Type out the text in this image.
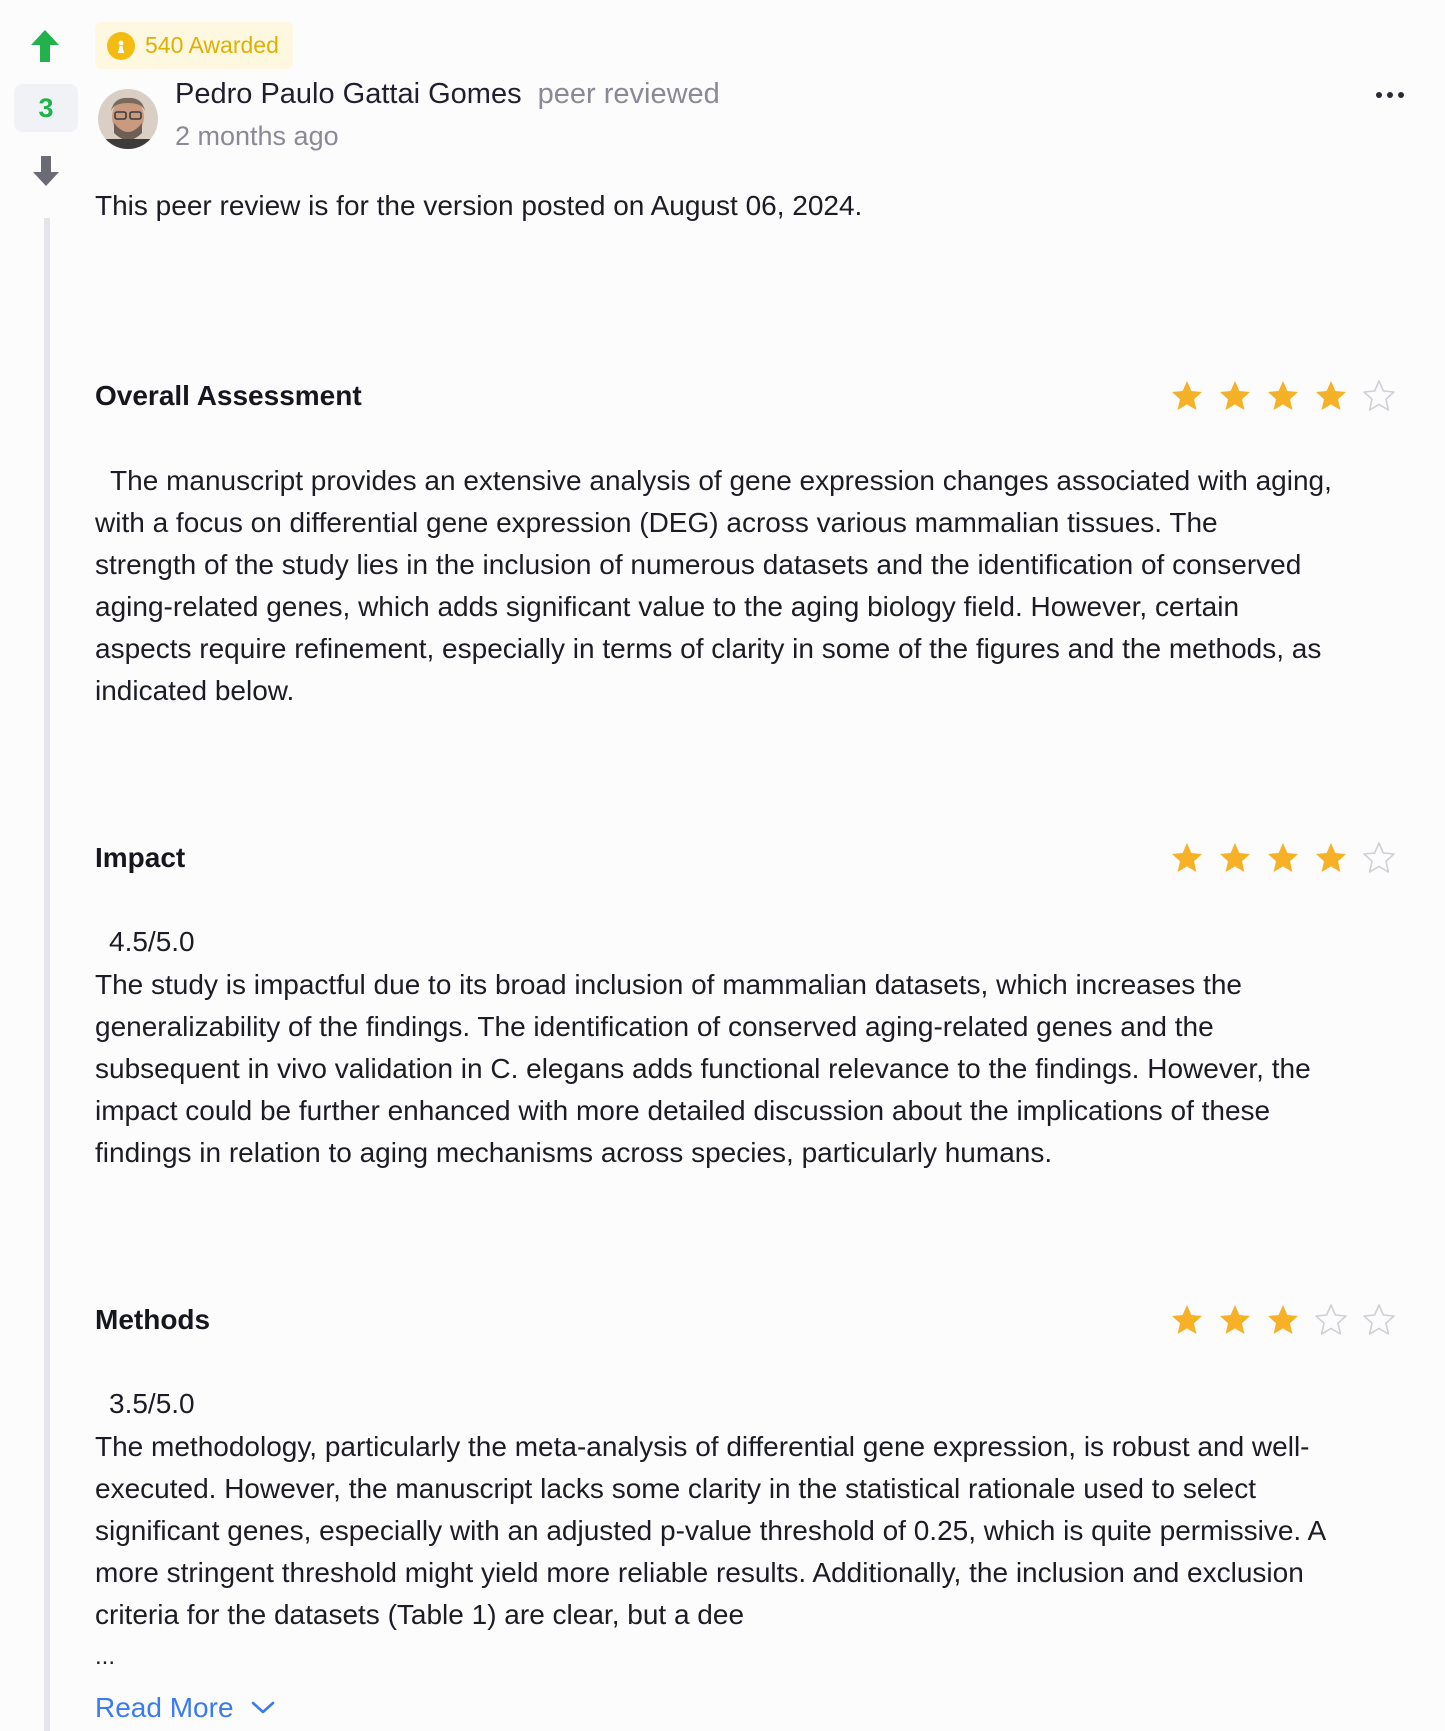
3
540 Awarded
Pedro Paulo Gattai Gomes peer reviewed
2 months ago
This peer review is for the version posted on August 06, 2024.
Overall Assessment

The manuscript provides an extensive analysis of gene expression changes associated with aging,

with a focus on differential gene expression (DEG) across various mammalian tissues. The

strength of the study lies in the inclusion of numerous datasets and the identification of conserved

aging-related genes, which adds significant value to the aging biology field. However, certain

aspects require refinement, especially in terms of clarity in some of the figures and the methods, as

indicated below.

Impact
4.5/5.0

The study is impactful due to its broad inclusion of mammalian datasets, which increases the

generalizability of the findings. The identification of conserved aging-related genes and the

subsequent in vivo validation in C. elegans adds functional relevance to the findings. However, the

impact could be further enhanced with more detailed discussion about the implications of these

findings in relation to aging mechanisms across species, particularly humans.

Methods
3.5/5.0

The methodology, particularly the meta-analysis of differential gene expression, is robust and well-

executed. However, the manuscript lacks some clarity in the statistical rationale used to select

significant genes, especially with an adjusted p-value threshold of 0.25, which is quite permissive. A

more stringent threshold might yield more reliable results. Additionally, the inclusion and exclusion

criteria for the datasets (Table 1) are clear, but a dee

...
Read More
